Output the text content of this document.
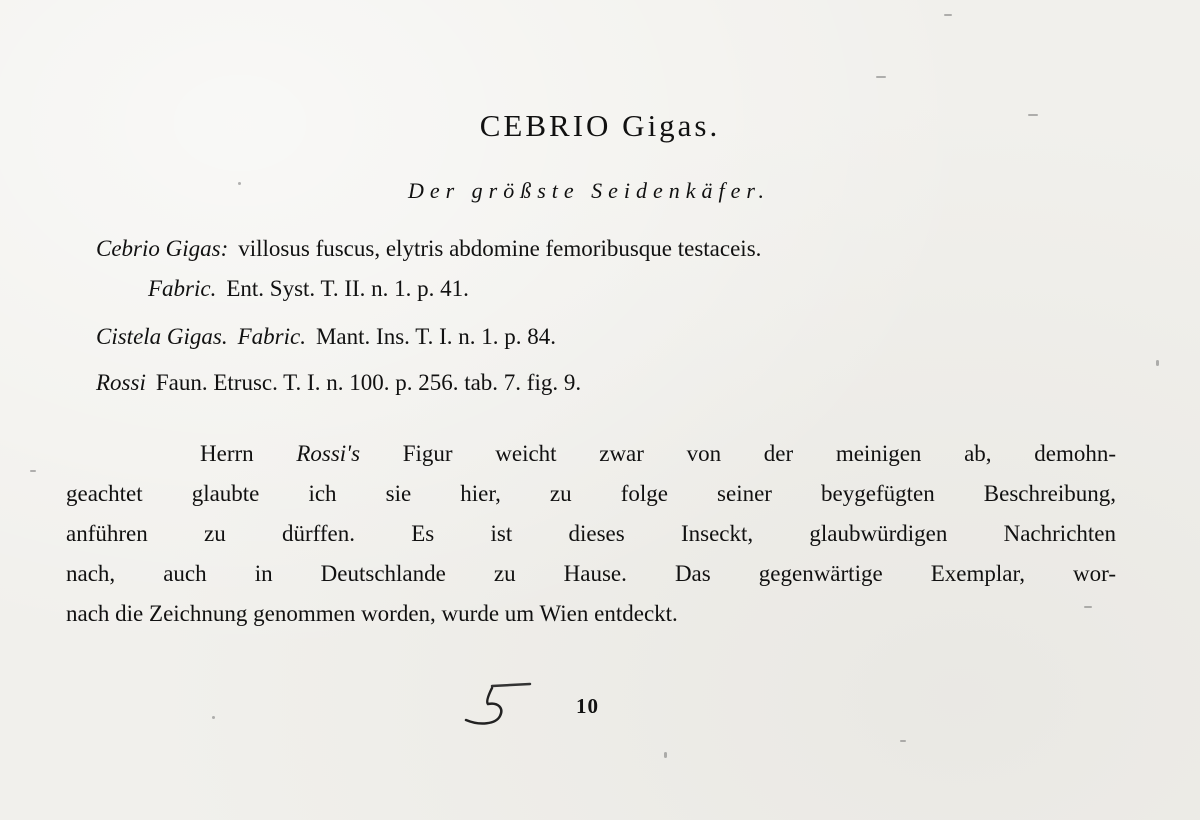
CEBRIO Gigas.
Der größste Seidenkäfer.
Cebrio Gigas: villosus fuscus, elytris abdomine femoribusque testaceis.
Fabric. Ent. Syst. T. II. n. 1. p. 41.
Cistela Gigas. Fabric. Mant. Ins. T. I. n. 1. p. 84.
Rossi Faun. Etrusc. T. I. n. 100. p. 256. tab. 7. fig. 9.
Herrn Rossi's Figur weicht zwar von der meinigen ab, demohn-
geachtet glaubte ich sie hier, zu folge seiner beygefügten Beschreibung,
anführen zu dürffen. Es ist dieses Inseckt, glaubwürdigen Nachrichten
nach, auch in Deutschlande zu Hause. Das gegenwärtige Exemplar, wor-
nach die Zeichnung genommen worden, wurde um Wien entdeckt.
10
